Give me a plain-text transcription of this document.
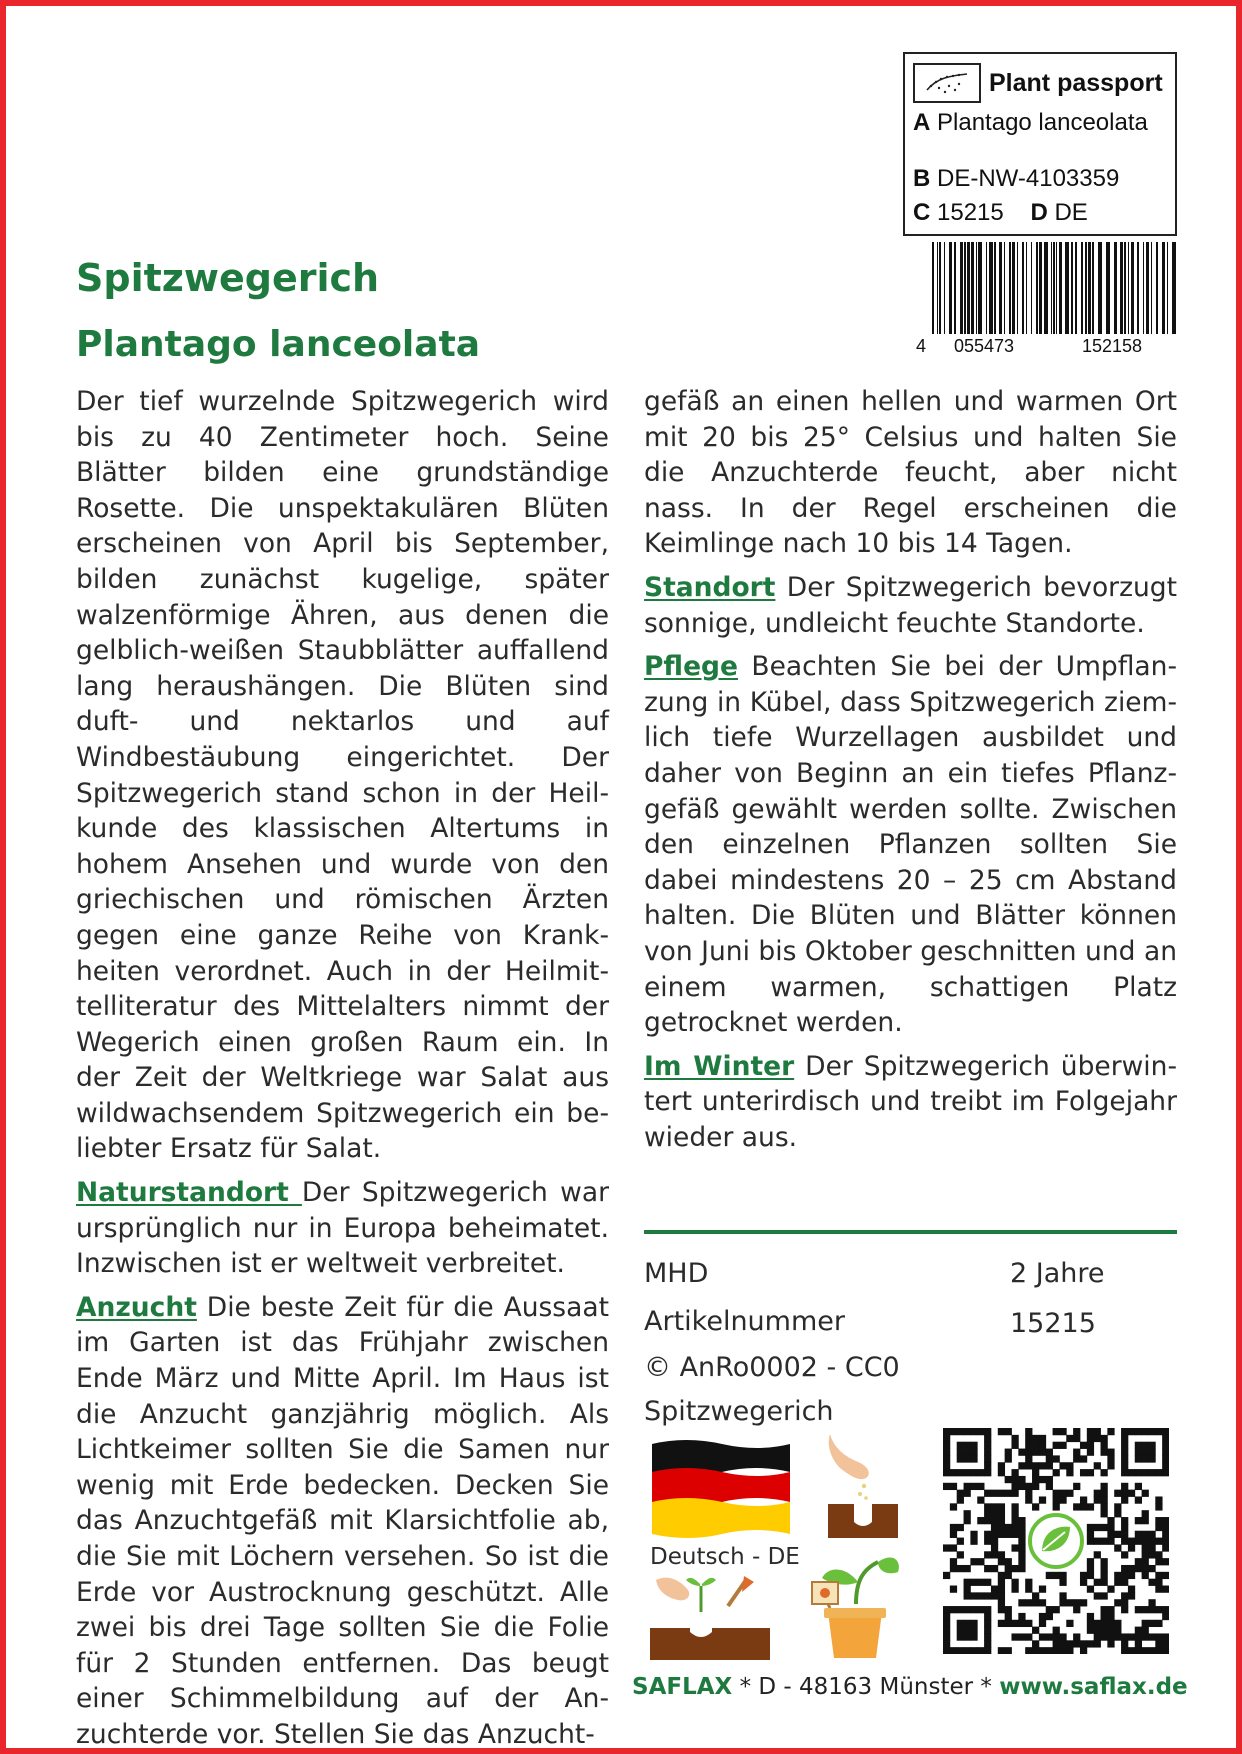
Plant passport
A Plantago lanceolata
B DE-NW-4103359
C 15215 D DE
4 055473	152158
Spitzwegerich
Plantago lanceolata

Der tief wurzelnde Spitzwegerich wird bis zu 40 Zentimeter hoch. Seine Blätter bilden eine grundständige Rosette. Die unspektakulären Blüten erscheinen von April bis September, bilden zunächst kugelige, später walzenförmige Ähren, aus denen die gelblich-weißen Staubblätter auffallend lang heraushängen. Die Blüten sind duft- und nektarlos und auf Windbestäubung eingerichtet. Der Spitzwegerich stand schon in der Heilkunde des klassischen Altertums in hohem Ansehen und wurde von den griechischen und römischen Ärzten gegen eine ganze Reihe von Krankheiten verordnet. Auch in der Heilmittelliteratur des Mittelalters nimmt der Wegerich einen großen Raum ein. In der Zeit der Weltkriege war Salat aus wildwachsendem Spitzwegerich ein beliebter Ersatz für Salat.

Naturstandort Der Spitzwegerich war ursprünglich nur in Europa beheimatet. Inzwischen ist er weltweit verbreitet.

Anzucht Die beste Zeit für die Aussaat im Garten ist das Frühjahr zwischen Ende März und Mitte April. Im Haus ist die Anzucht ganzjährig möglich. Als Lichtkeimer sollten Sie die Samen nur wenig mit Erde bedecken. Decken Sie das Anzuchtgefäß mit Klarsichtfolie ab, die Sie mit Löchern versehen. So ist die Erde vor Austrocknung geschützt. Alle zwei bis drei Tage sollten Sie die Folie für 2 Stunden entfernen. Das beugt einer Schimmelbildung auf der Anzuchterde vor. Stellen Sie das Anzucht-

gefäß an einen hellen und warmen Ort mit 20 bis 25° Celsius und halten Sie die Anzuchterde feucht, aber nicht nass. In der Regel erscheinen die Keimlinge nach 10 bis 14 Tagen.

Standort Der Spitzwegerich bevorzugt sonnige, undleicht feuchte Standorte.

Pflege Beachten Sie bei der Umpflanzung in Kübel, dass Spitzwegerich ziemlich tiefe Wurzellagen ausbildet und daher von Beginn an ein tiefes Pflanzgefäß gewählt werden sollte. Zwischen den einzelnen Pflanzen sollten Sie dabei mindestens 20 – 25 cm Abstand halten. Die Blüten und Blätter können von Juni bis Oktober geschnitten und an einem warmen, schattigen Platz getrocknet werden.

Im Winter Der Spitzwegerich überwintert unterirdisch und treibt im Folgejahr wieder aus.

MHD	2 Jahre
Artikelnummer	15215
© AnRo0002 - CC0
Spitzwegerich
Deutsch - DE
SAFLAX * D - 48163 Münster * www.saflax.de
